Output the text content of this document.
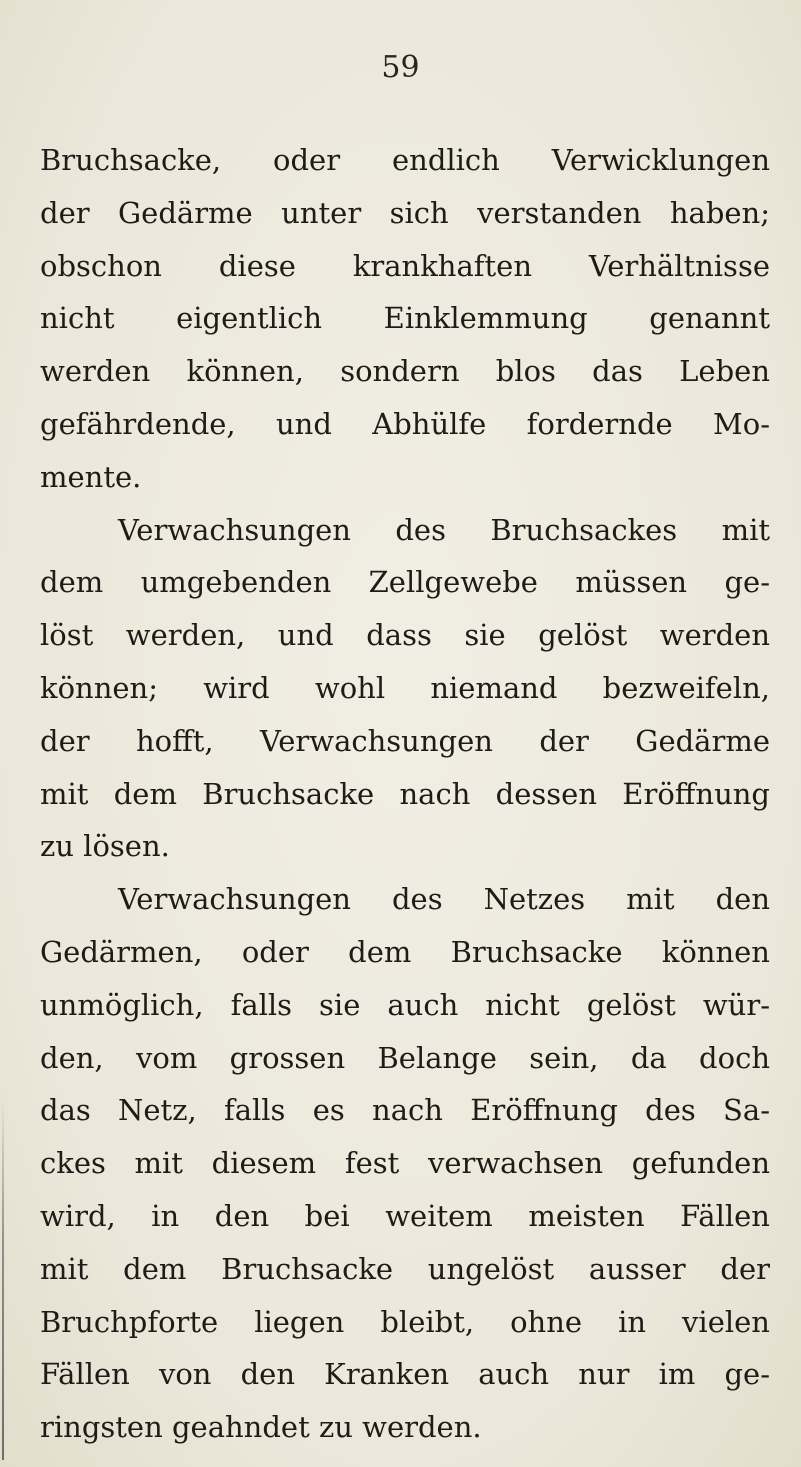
59
Bruchsacke, oder endlich Verwicklungen
der Gedärme unter sich verstanden haben;
obschon diese krankhaften Verhältnisse
nicht eigentlich Einklemmung genannt
werden können, sondern blos das Leben
gefährdende, und Abhülfe fordernde Mo-
mente.
Verwachsungen des Bruchsackes mit
dem umgebenden Zellgewebe müssen ge-
löst werden, und dass sie gelöst werden
können; wird wohl niemand bezweifeln,
der hofft, Verwachsungen der Gedärme
mit dem Bruchsacke nach dessen Eröffnung
zu lösen.
Verwachsungen des Netzes mit den
Gedärmen, oder dem Bruchsacke können
unmöglich, falls sie auch nicht gelöst wür-
den, vom grossen Belange sein, da doch
das Netz, falls es nach Eröffnung des Sa-
ckes mit diesem fest verwachsen gefunden
wird, in den bei weitem meisten Fällen
mit dem Bruchsacke ungelöst ausser der
Bruchpforte liegen bleibt, ohne in vielen
Fällen von den Kranken auch nur im ge-
ringsten geahndet zu werden.
